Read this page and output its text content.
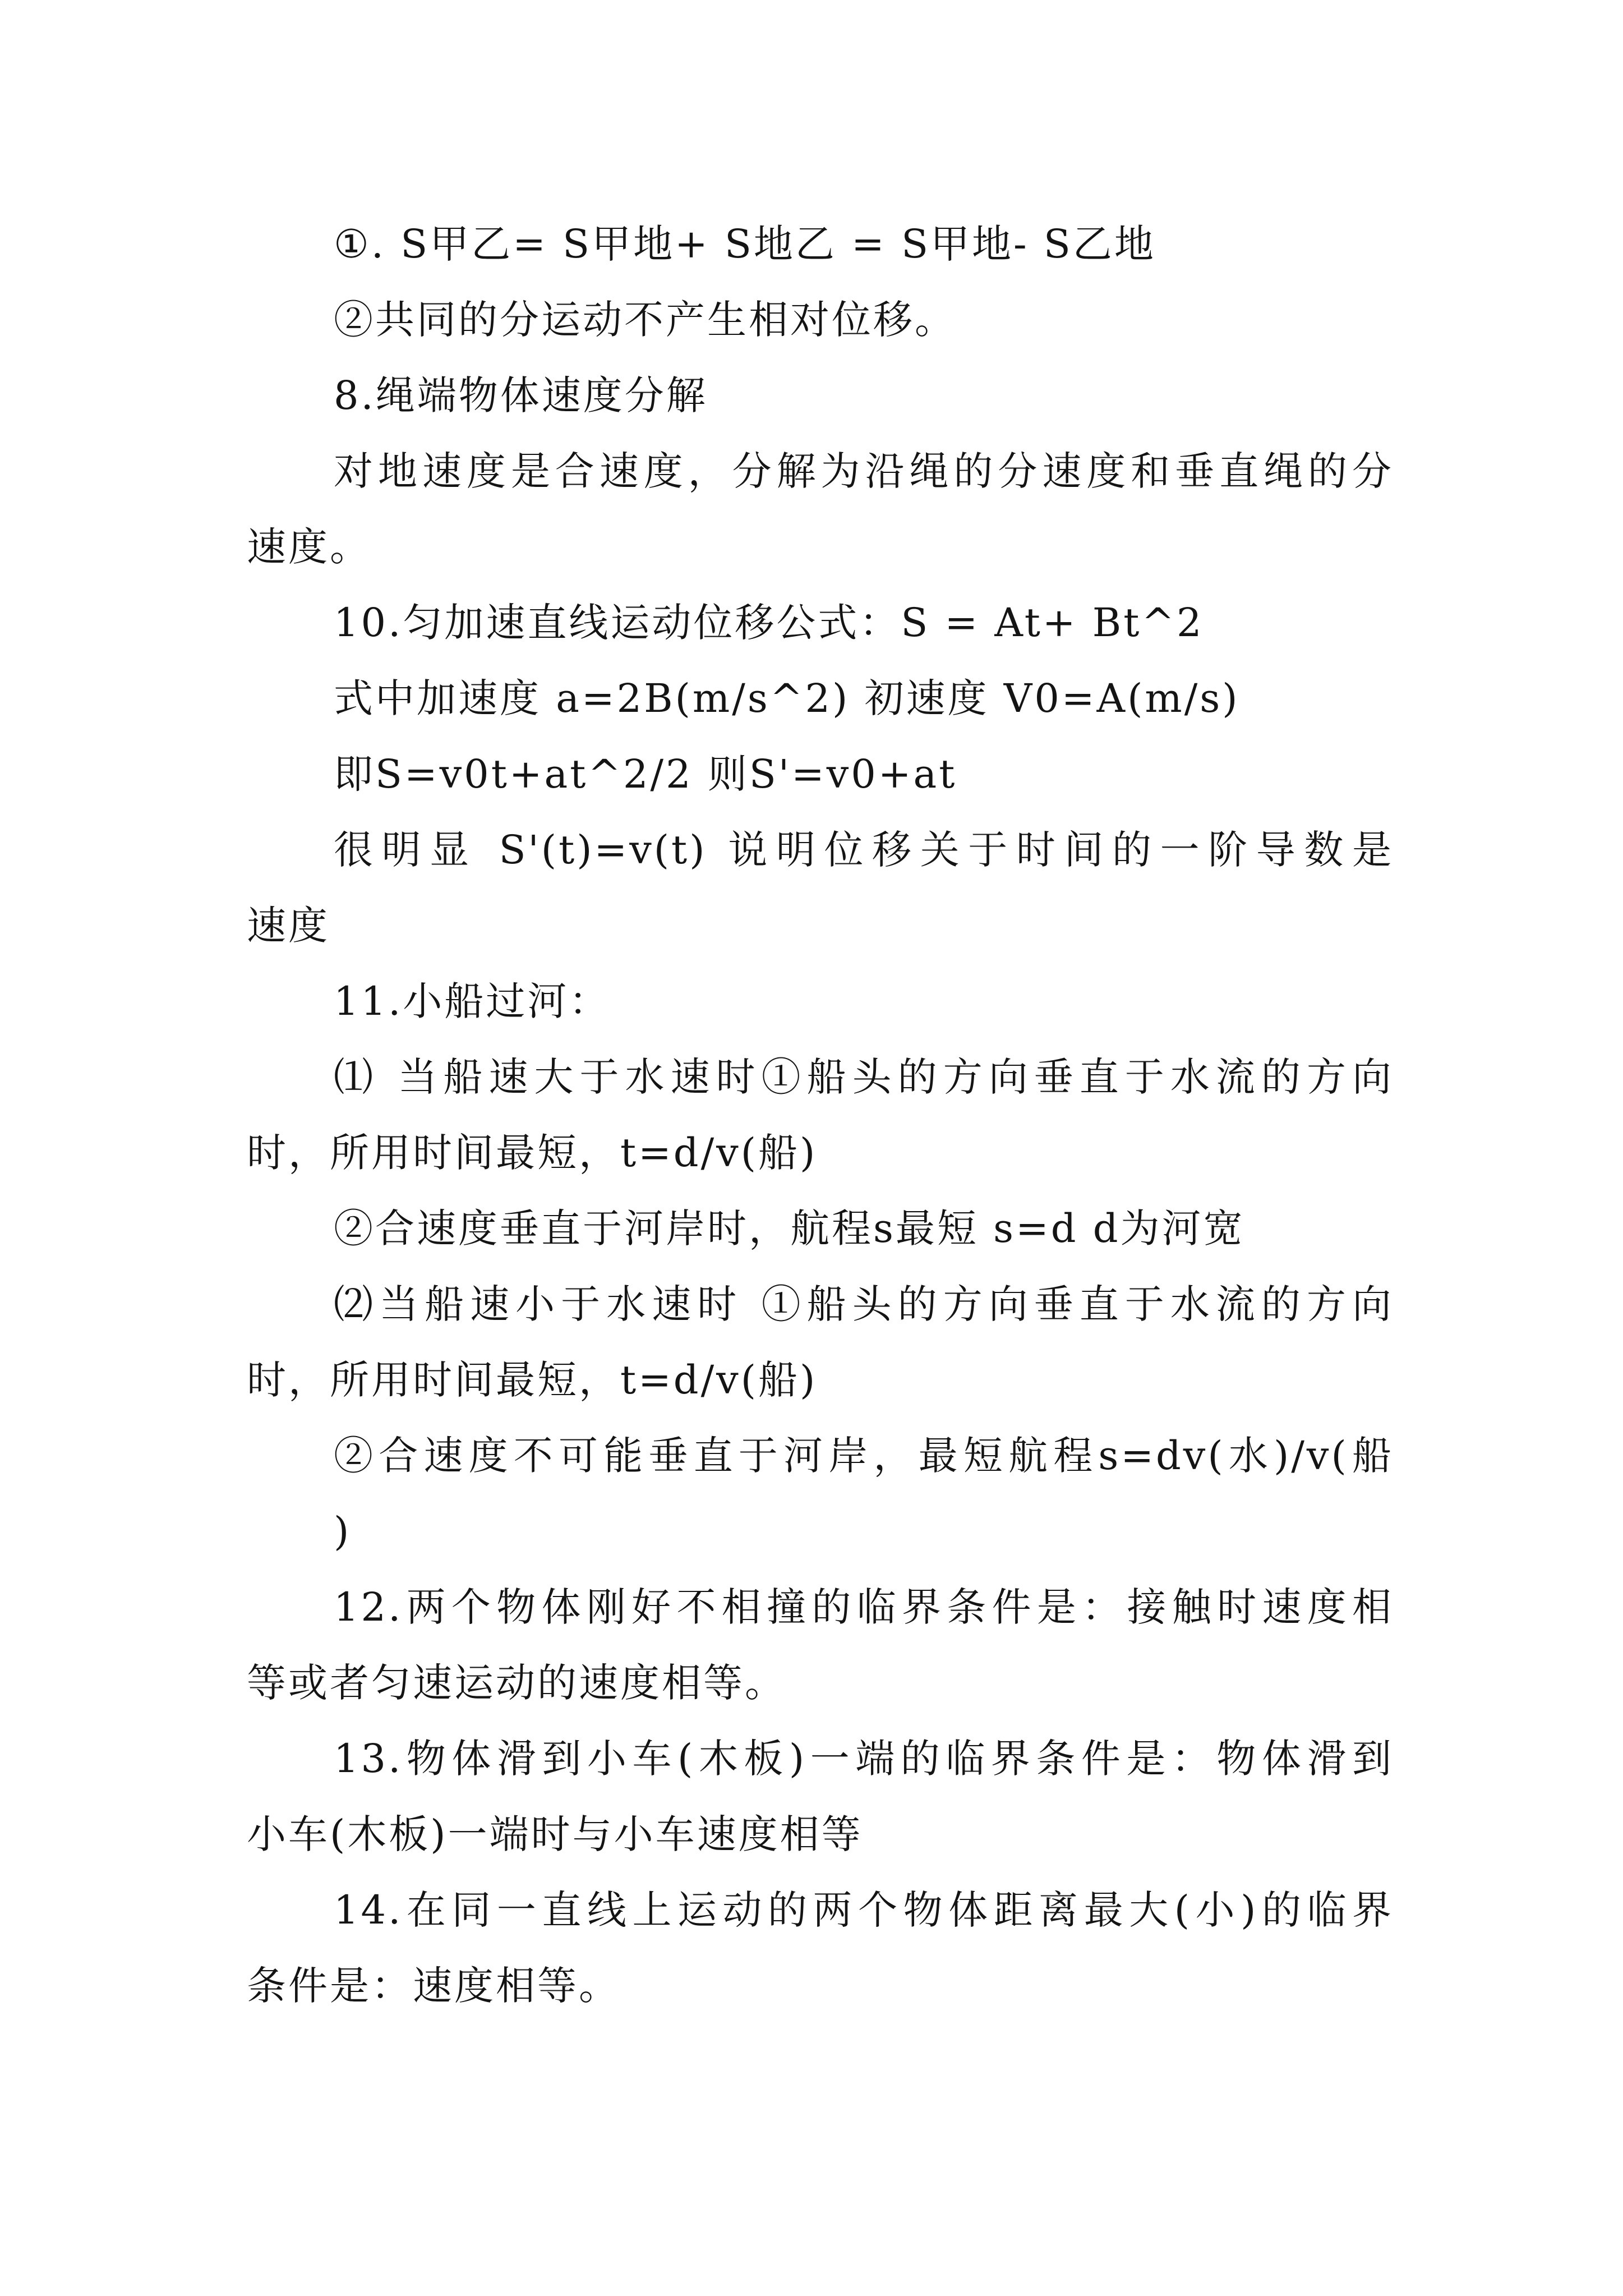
①. S甲乙= S甲地+ S地乙 = S甲地- S乙地
②共同的分运动不产生相对位移。
8.绳端物体速度分解
对地速度是合速度，分解为沿绳的分速度和垂直绳的分
速度。
10.匀加速直线运动位移公式：S = At+ Bt^2
式中加速度 a=2B(m/s^2) 初速度 V0=A(m/s)
即S=v0t+at^2/2 则S'=v0+at
很明显 S'(t)=v(t) 说明位移关于时间的一阶导数是
速度
11.小船过河：
⑴ 当船速大于水速时①船头的方向垂直于水流的方向
时，所用时间最短，t=d/v(船)
②合速度垂直于河岸时，航程s最短 s=d d为河宽
⑵当船速小于水速时 ①船头的方向垂直于水流的方向
时，所用时间最短，t=d/v(船)
②合速度不可能垂直于河岸，最短航程s=dv(水)/v(船
)
12.两个物体刚好不相撞的临界条件是：接触时速度相
等或者匀速运动的速度相等。
13.物体滑到小车(木板)一端的临界条件是：物体滑到
小车(木板)一端时与小车速度相等
14.在同一直线上运动的两个物体距离最大(小)的临界
条件是：速度相等。
